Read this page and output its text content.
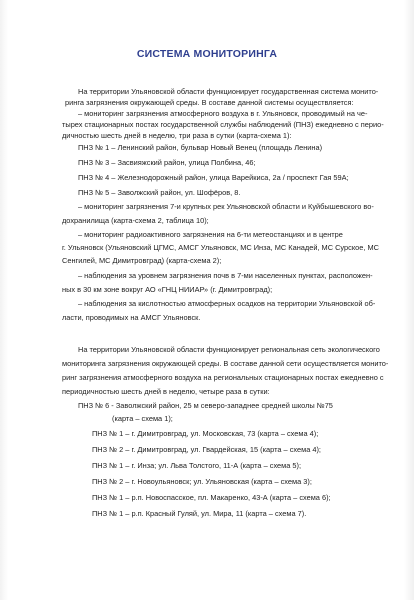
СИСТЕМА МОНИТОРИНГА
На территории Ульяновской области функционирует государственная система монито-
ринга загрязнения окружающей среды. В составе данной системы осуществляется:
– мониторинг загрязнения атмосферного воздуха в г. Ульяновск, проводимый на че-
тырех стационарных постах государственной службы наблюдений (ПНЗ) ежедневно с перио-
дичностью шесть дней в неделю, три раза в сутки (карта-схема 1):
ПНЗ № 1 – Ленинский район, бульвар Новый Венец (площадь Ленина)
ПНЗ № 3 – Засвияжский район, улица Полбина, 46;
ПНЗ № 4 – Железнодорожный район, улица Варейкиса, 2а / проспект Гая 59А;
ПНЗ № 5 – Заволжский район, ул. Шофёров, 8.
– мониторинг загрязнения 7-и крупных рек Ульяновской области и Куйбышевского во-
дохранилища (карта-схема 2, таблица 10);
– мониторинг радиоактивного загрязнения на 6-ти метеостанциях и в центре
г. Ульяновск (Ульяновский ЦГМС, АМСГ Ульяновск, МС Инза, МС Канадей, МС Сурское, МС
Сенгилей, МС Димитровград) (карта-схема 2);
– наблюдения за уровнем загрязнения почв в 7-ми населенных пунктах, расположен-
ных в 30 км зоне вокруг АО «ГНЦ НИИАР» (г. Димитровград);
– наблюдения за кислотностью атмосферных осадков на территории Ульяновской об-
ласти, проводимых на АМСГ Ульяновск.
На территории Ульяновской области функционирует региональная сеть экологического
мониторинга загрязнения окружающей среды. В составе данной сети осуществляется монито-
ринг загрязнения атмосферного воздуха на региональных стационарных постах ежедневно с
периодичностью шесть дней в неделю, четыре раза в сутки:
ПНЗ № 6 - Заволжский район, 25 м северо-западнее средней школы №75
(карта – схема 1);
ПНЗ № 1 – г. Димитровград, ул. Московская, 73 (карта – схема 4);
ПНЗ № 2 – г. Димитровград, ул. Гвардейская, 15 (карта – схема 4);
ПНЗ № 1 – г. Инза; ул. Льва Толстого, 11-А (карта – схема 5);
ПНЗ № 2 – г. Новоульяновск; ул. Ульяновская (карта – схема 3);
ПНЗ № 1 – р.п. Новоспасское, пл. Макаренко, 43-А (карта – схема 6);
ПНЗ № 1 – р.п. Красный Гуляй, ул. Мира, 11 (карта – схема 7).
